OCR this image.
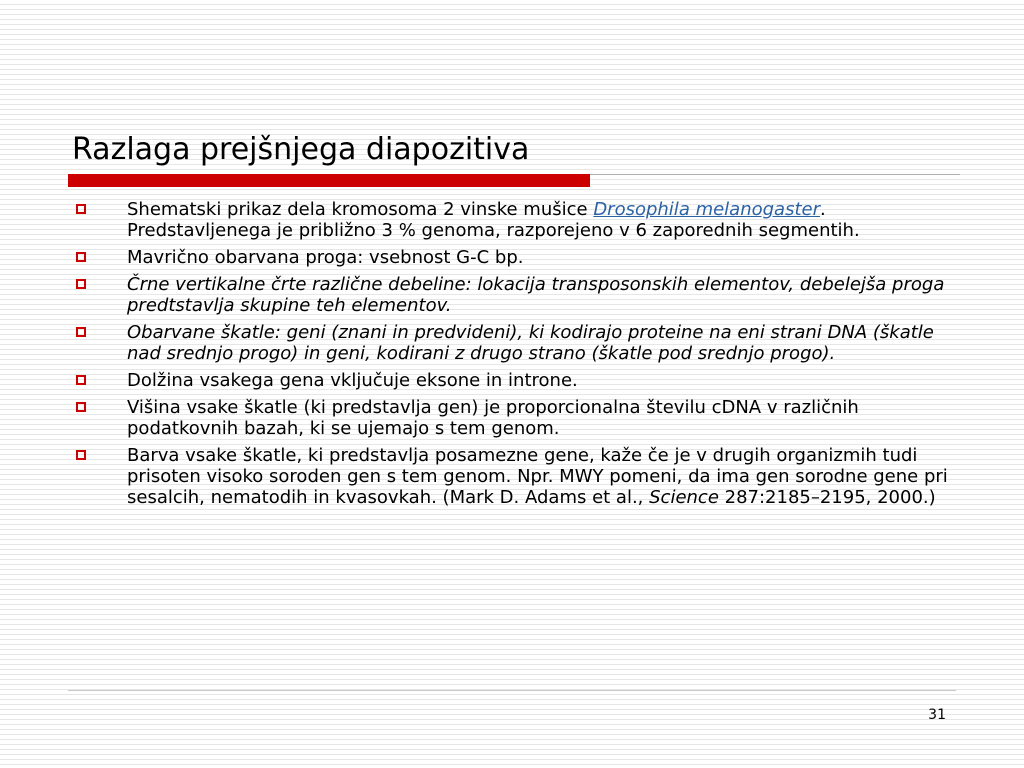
Razlaga prejšnjega diapozitiva
Shematski prikaz dela kromosoma 2 vinske mušice Drosophila melanogaster. Predstavljenega je približno 3 % genoma, razporejeno v 6 zaporednih segmentih.
Mavrično obarvana proga: vsebnost G-C bp.
Črne vertikalne črte različne debeline: lokacija transposonskih elementov, debelejša proga predtstavlja skupine teh elementov.
Obarvane škatle: geni (znani in predvideni), ki kodirajo proteine na eni strani DNA (škatle nad srednjo progo) in geni, kodirani z drugo strano (škatle pod srednjo progo).
Dolžina vsakega gena vključuje eksone in introne.
Višina vsake škatle (ki predstavlja gen) je proporcionalna številu cDNA v različnih podatkovnih bazah, ki se ujemajo s tem genom.
Barva vsake škatle, ki predstavlja posamezne gene, kaže če je v drugih organizmih tudi prisoten visoko soroden gen s tem genom. Npr. MWY pomeni, da ima gen sorodne gene pri sesalcih, nematodih in kvasovkah. (Mark D. Adams et al., Science 287:2185–2195, 2000.)
31
